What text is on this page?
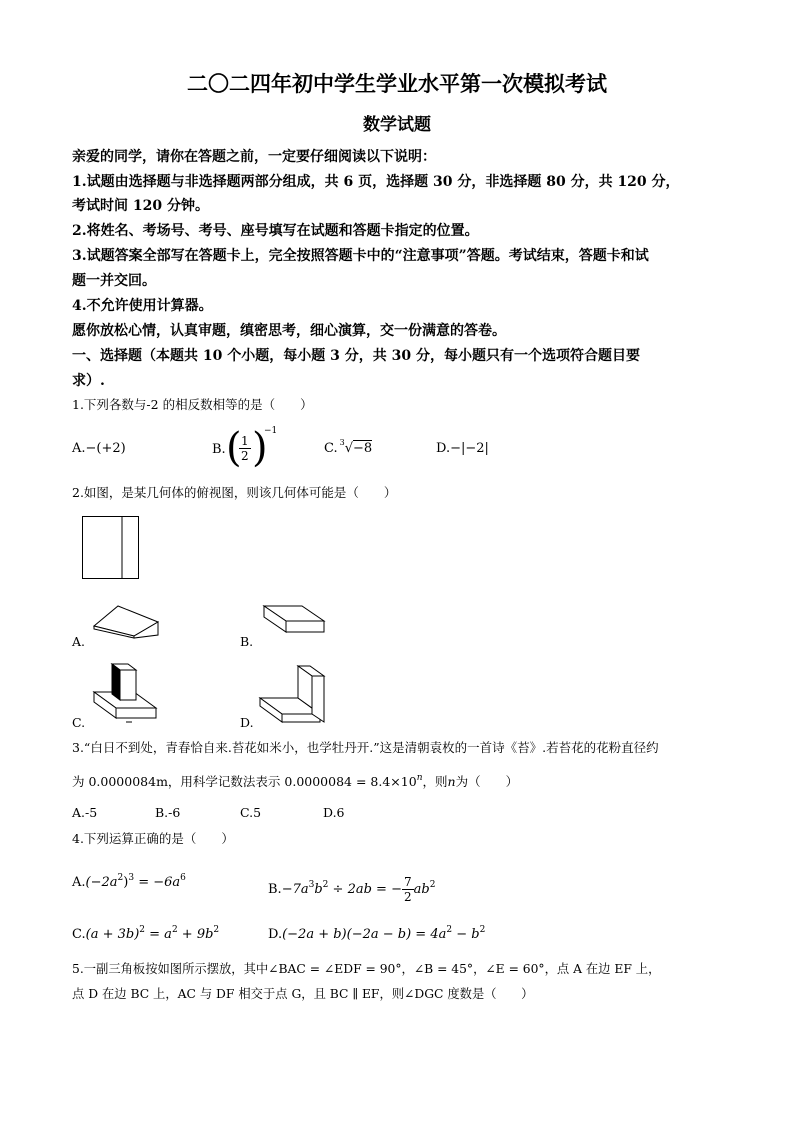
二〇二四年初中学生学业水平第一次模拟考试
数学试题
亲爱的同学，请你在答题之前，一定要仔细阅读以下说明：
1.试题由选择题与非选择题两部分组成，共 6 页，选择题 30 分，非选择题 80 分，共 120 分，
考试时间 120 分钟。
2.将姓名、考场号、考号、座号填写在试题和答题卡指定的位置。
3.试题答案全部写在答题卡上，完全按照答题卡中的“注意事项”答题。考试结束，答题卡和试
题一并交回。
4.不允许使用计算器。
愿你放松心情，认真审题，缜密思考，细心演算，交一份满意的答卷。
一、选择题（本题共 10 个小题，每小题 3 分，共 30 分，每小题只有一个选项符合题目要
求）.
1.下列各数与-2 的相反数相等的是（　　）
A.−(+2)	B. (
$\frac{1}{2}$ )
−1
C. $^3$√−8	D.−|−2|
2.如图，是某几何体的俯视图，则该几何体可能是（　　）
A.	B.
C.	D.
3.“白日不到处，青春恰自来.苔花如米小，也学牡丹开.”这是清朝袁枚的一首诗《苔》.若苔花的花粉直径约
为 0.0000084m，用科学记数法表示 $0.0000084 = 8.4\times 10^n$，则n为（　　）
A.-5	B.-6	C.5	D.6
4.下列运算正确的是（　　）
$A.(-2a^2)^3 = -6a^6$
$B.-7a^3b^2 \div 2ab$ = − $\frac{7}{2} ab^2$
$C.(a + 3b)^2 = a^2 + 9b^2$	$D.(-2a + b)(-2a - b) = 4a^2 - b^2$
5.一副三角板按如图所示摆放，其中∠BAC = ∠EDF = 90°，∠B = 45°，∠E = 60°，点 A 在边 EF 上，
点 D 在边 BC 上，AC 与 DF 相交于点 G，且 BC ∥ EF，则∠DGC 度数是（　　）
